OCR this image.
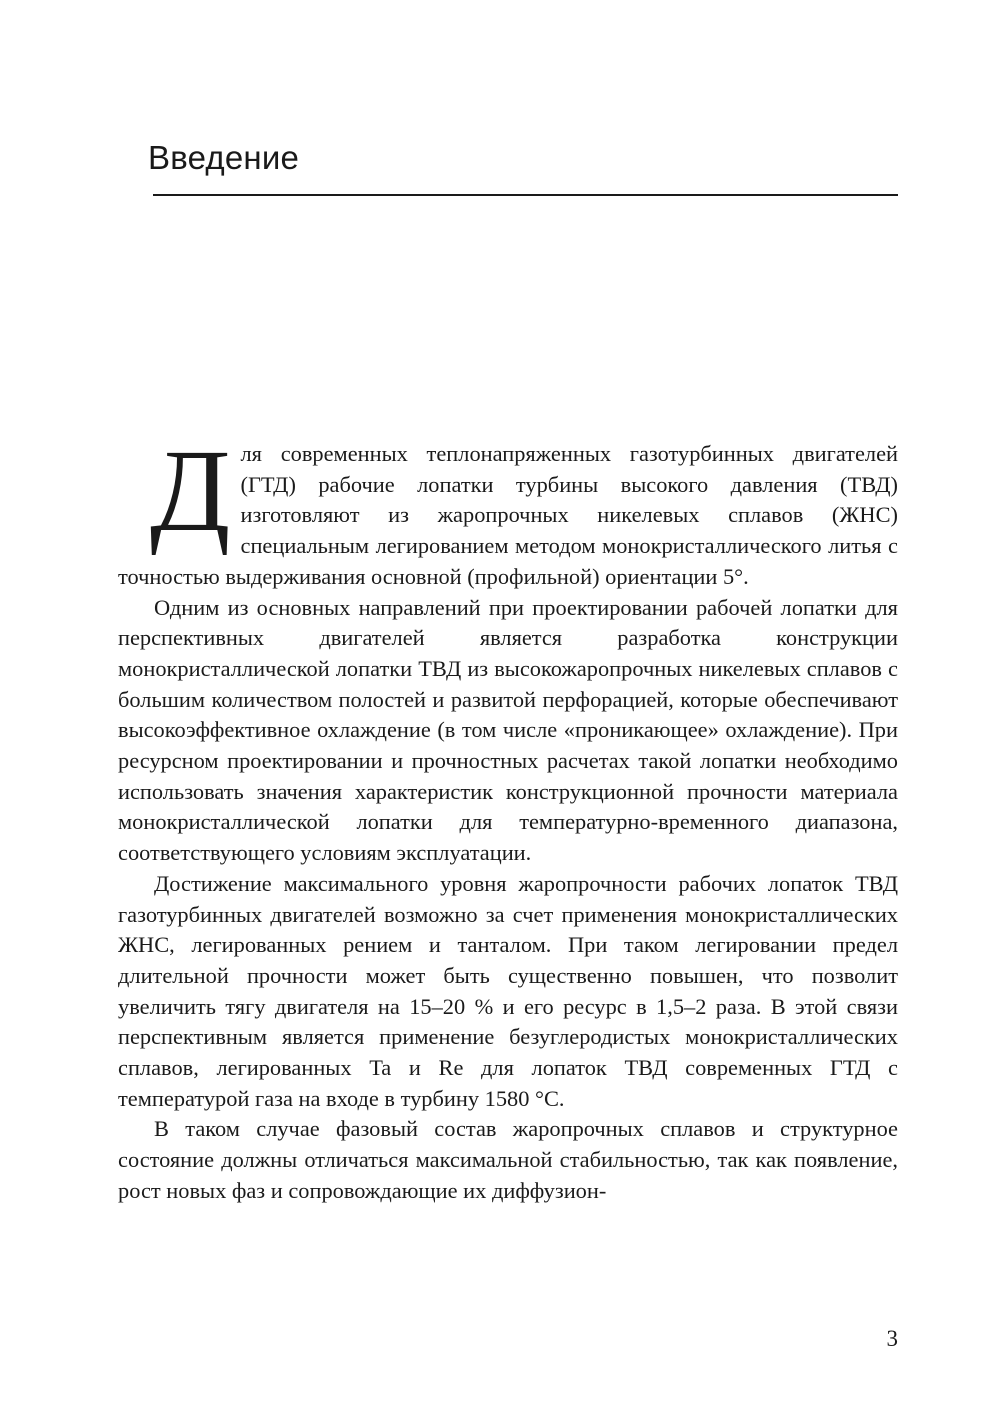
Введение

Для современных теплонапряженных газотурбинных двигателей (ГТД) рабочие лопатки турбины высокого давления (ТВД) изготовляют из жаропрочных никелевых сплавов (ЖНС) специальным легированием методом монокристаллического литья с точностью выдерживания основной (профильной) ориентации 5°.

Одним из основных направлений при проектировании рабочей лопатки для перспективных двигателей является разработка конструкции монокристаллической лопатки ТВД из высокожаропрочных никелевых сплавов с большим количеством полостей и развитой перфорацией, которые обеспечивают высокоэффективное охлаждение (в том числе «проникающее» охлаждение). При ресурсном проектировании и прочностных расчетах такой лопатки необходимо использовать значения характеристик конструкционной прочности материала монокристаллической лопатки для температурно-временного диапазона, соответствующего условиям эксплуатации.

Достижение максимального уровня жаропрочности рабочих лопаток ТВД газотурбинных двигателей возможно за счет применения монокристаллических ЖНС, легированных рением и танталом. При таком легировании предел длительной прочности может быть существенно повышен, что позволит увеличить тягу двигателя на 15–20 % и его ресурс в 1,5–2 раза. В этой связи перспективным является применение безуглеродистых монокристаллических сплавов, легированных Ta и Re для лопаток ТВД современных ГТД с температурой газа на входе в турбину 1580 °C.

В таком случае фазовый состав жаропрочных сплавов и структурное состояние должны отличаться максимальной стабильностью, так как появление, рост новых фаз и сопровождающие их диффузион-

3
